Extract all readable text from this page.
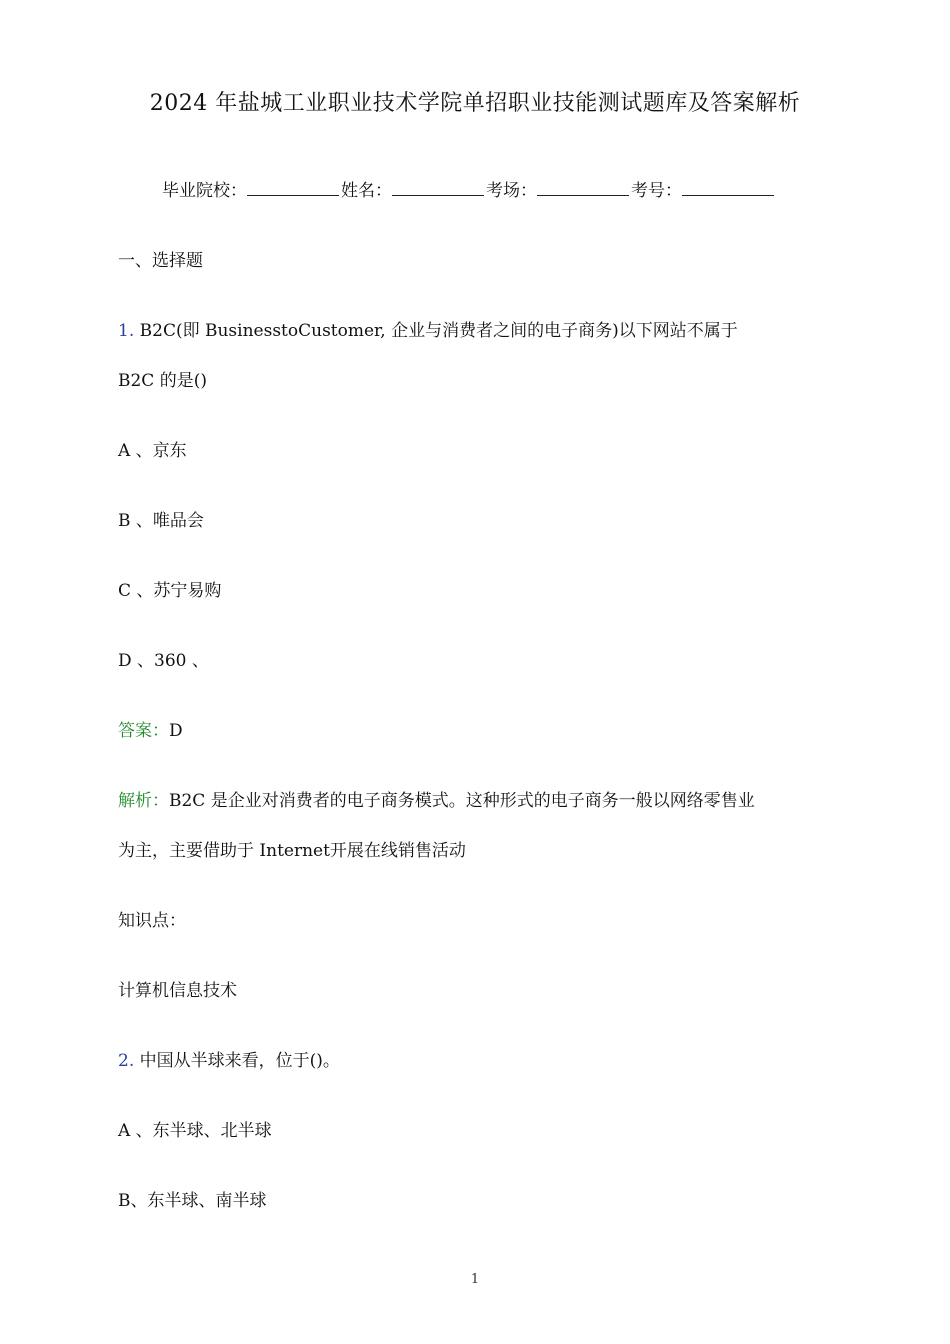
2024 年盐城工业职业技术学院单招职业技能测试题库及答案解析
毕业院校：	姓名：	考场：	考号：
一、选择题
1. B2C(即 BusinesstoCustomer, 企业与消费者之间的电子商务)以下网站不属于
B2C 的是()
A 、京东
B 、唯品会
C 、苏宁易购
D 、360 、
答案：D
解析：B2C 是企业对消费者的电子商务模式。这种形式的电子商务一般以网络零售业
为主，主要借助于 Internet开展在线销售活动
知识点：
计算机信息技术
2. 中国从半球来看，位于()。
A 、东半球、北半球
B、东半球、南半球
1
